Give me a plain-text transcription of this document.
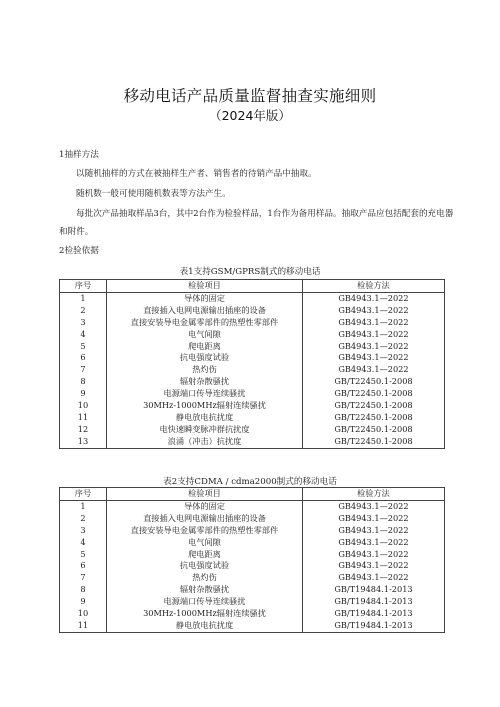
移动电话产品质量监督抽查实施细则
（2024年版）
1抽样方法
以随机抽样的方式在被抽样生产者、销售者的待销产品中抽取。
随机数一般可使用随机数表等方法产生。
每批次产品抽取样品3台，其中2台作为检验样品，1台作为备用样品。抽取产品应包括配套的充电器
和附件。
2检验依据
表1支持GSM/GPRS制式的移动电话
序号	检验项目	检验方法
1	导体的固定	GB4943.1—2022
2	直接插入电网电源输出插座的设备	GB4943.1—2022
3	直接安装导电金属零部件的热塑性零部件	GB4943.1—2022
4	电气间隙	GB4943.1—2022
5	爬电距离	GB4943.1—2022
6	抗电强度试验	GB4943.1—2022
7	热灼伤	GB4943.1—2022
8	辐射杂散骚扰	GB/T22450.1-2008
9	电源端口传导连续骚扰	GB/T22450.1-2008
10	30MHz-1000MHz辐射连续骚扰	GB/T22450.1-2008
11	静电放电抗扰度	GB/T22450.1-2008
12	电快速瞬变脉冲群抗扰度	GB/T22450.1-2008
13	浪涌（冲击）抗扰度	GB/T22450.1-2008
表2支持CDMA / cdma2000制式的移动电话
序号	检验项目	检验方法
1	导体的固定	GB4943.1—2022
2	直接插入电网电源输出插座的设备	GB4943.1—2022
3	直接安装导电金属零部件的热塑性零部件	GB4943.1—2022
4	电气间隙	GB4943.1—2022
5	爬电距离	GB4943.1—2022
6	抗电强度试验	GB4943.1—2022
7	热灼伤	GB4943.1—2022
8	辐射杂散骚扰	GB/T19484.1-2013
9	电源端口传导连续骚扰	GB/T19484.1-2013
10	30MHz-1000MHz辐射连续骚扰	GB/T19484.1-2013
11	静电放电抗扰度	GB/T19484.1-2013
